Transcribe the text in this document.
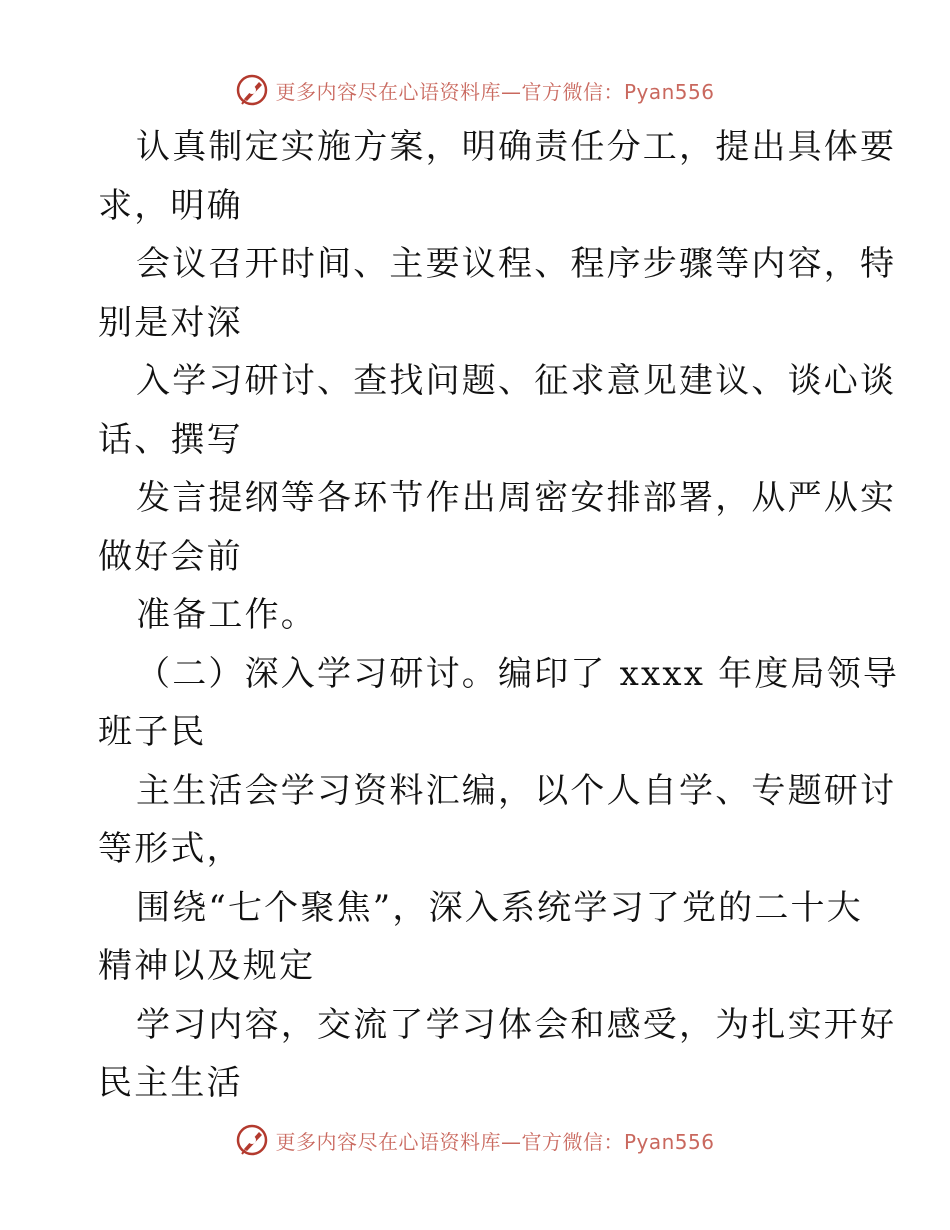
更多内容尽在心语资料库—官方微信：Pyan556
认真制定实施方案，明确责任分工，提出具体要
求，明确
会议召开时间、主要议程、程序步骤等内容，特
别是对深
入学习研讨、查找问题、征求意见建议、谈心谈
话、撰写
发言提纲等各环节作出周密安排部署，从严从实
做好会前
准备工作。
（二）深入学习研讨。编印了 xxxx 年度局领导
班子民
主生活会学习资料汇编，以个人自学、专题研讨
等形式，
围绕“七个聚焦”，深入系统学习了党的二十大
精神以及规定
学习内容，交流了学习体会和感受，为扎实开好
民主生活
更多内容尽在心语资料库—官方微信：Pyan556
